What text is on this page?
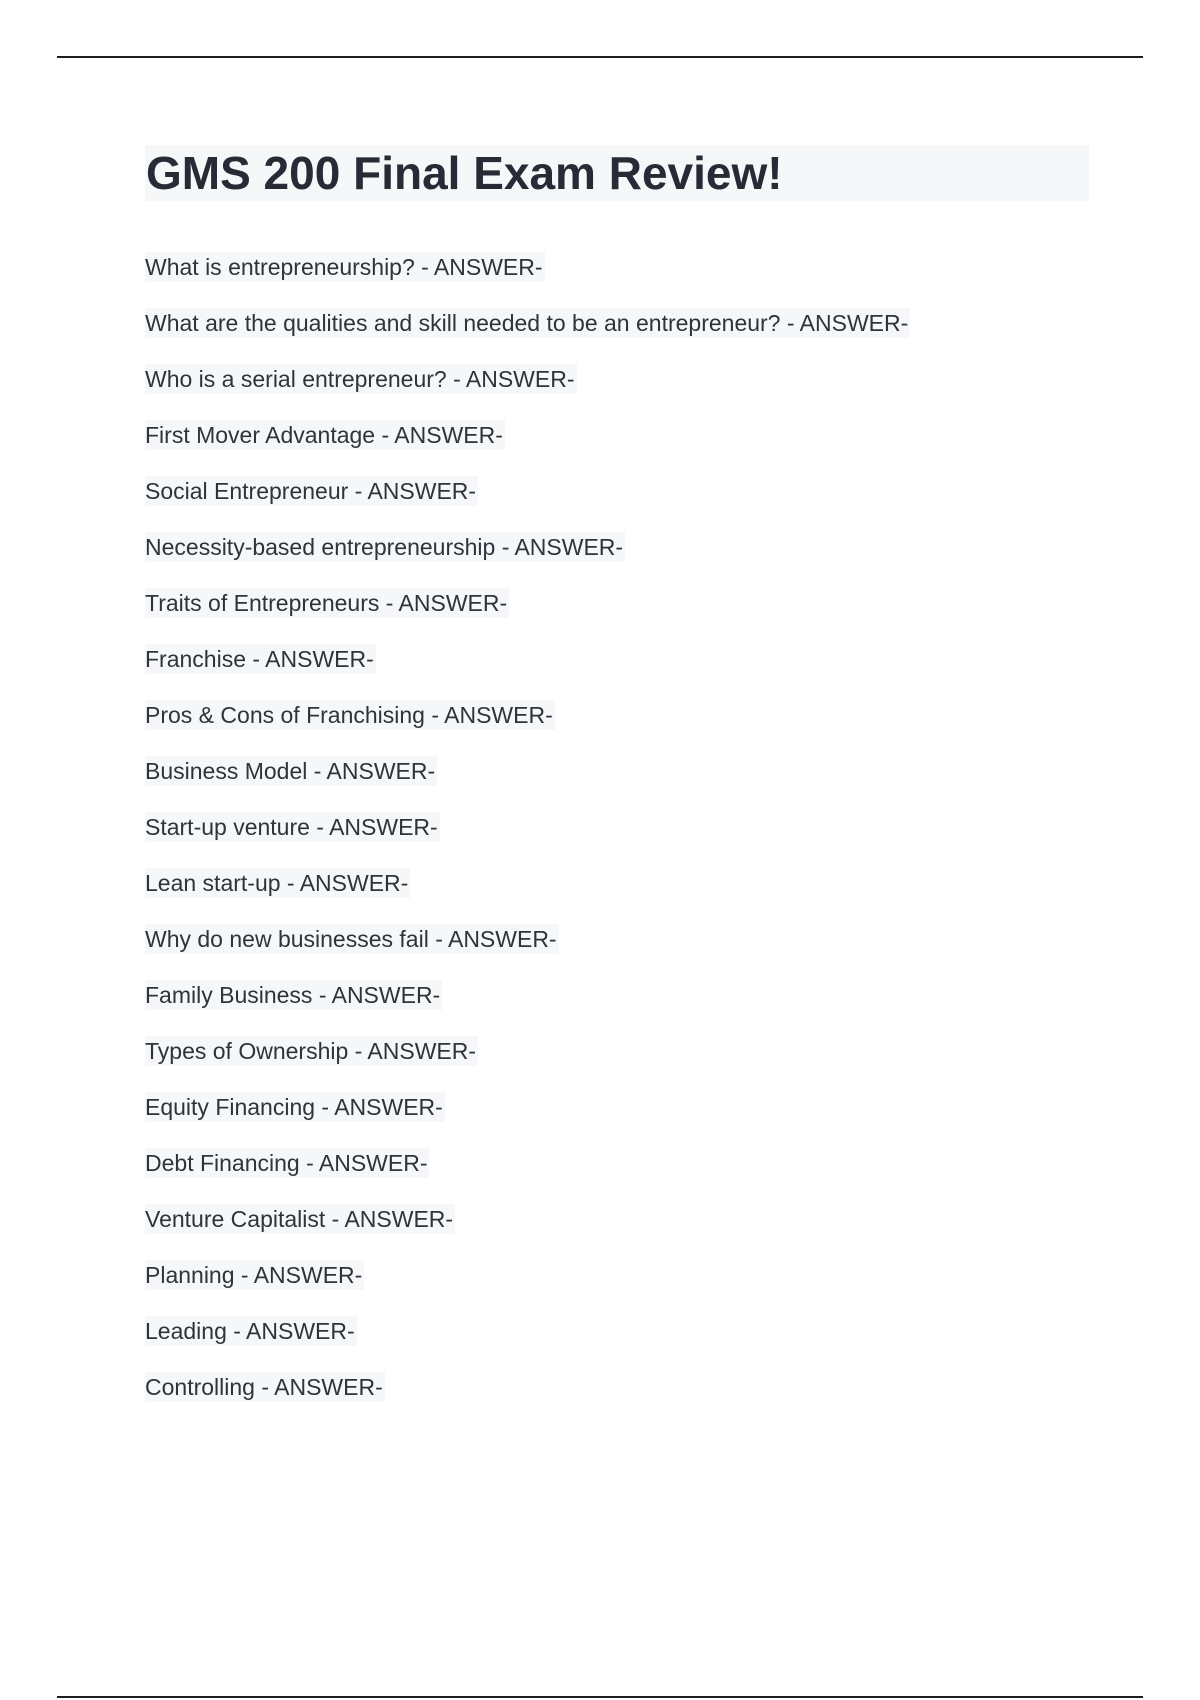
GMS 200 Final Exam Review!
What is entrepreneurship? - ANSWER-
What are the qualities and skill needed to be an entrepreneur? - ANSWER-
Who is a serial entrepreneur? - ANSWER-
First Mover Advantage - ANSWER-
Social Entrepreneur - ANSWER-
Necessity-based entrepreneurship - ANSWER-
Traits of Entrepreneurs - ANSWER-
Franchise - ANSWER-
Pros & Cons of Franchising - ANSWER-
Business Model - ANSWER-
Start-up venture - ANSWER-
Lean start-up - ANSWER-
Why do new businesses fail - ANSWER-
Family Business - ANSWER-
Types of Ownership - ANSWER-
Equity Financing - ANSWER-
Debt Financing - ANSWER-
Venture Capitalist - ANSWER-
Planning - ANSWER-
Leading - ANSWER-
Controlling - ANSWER-
